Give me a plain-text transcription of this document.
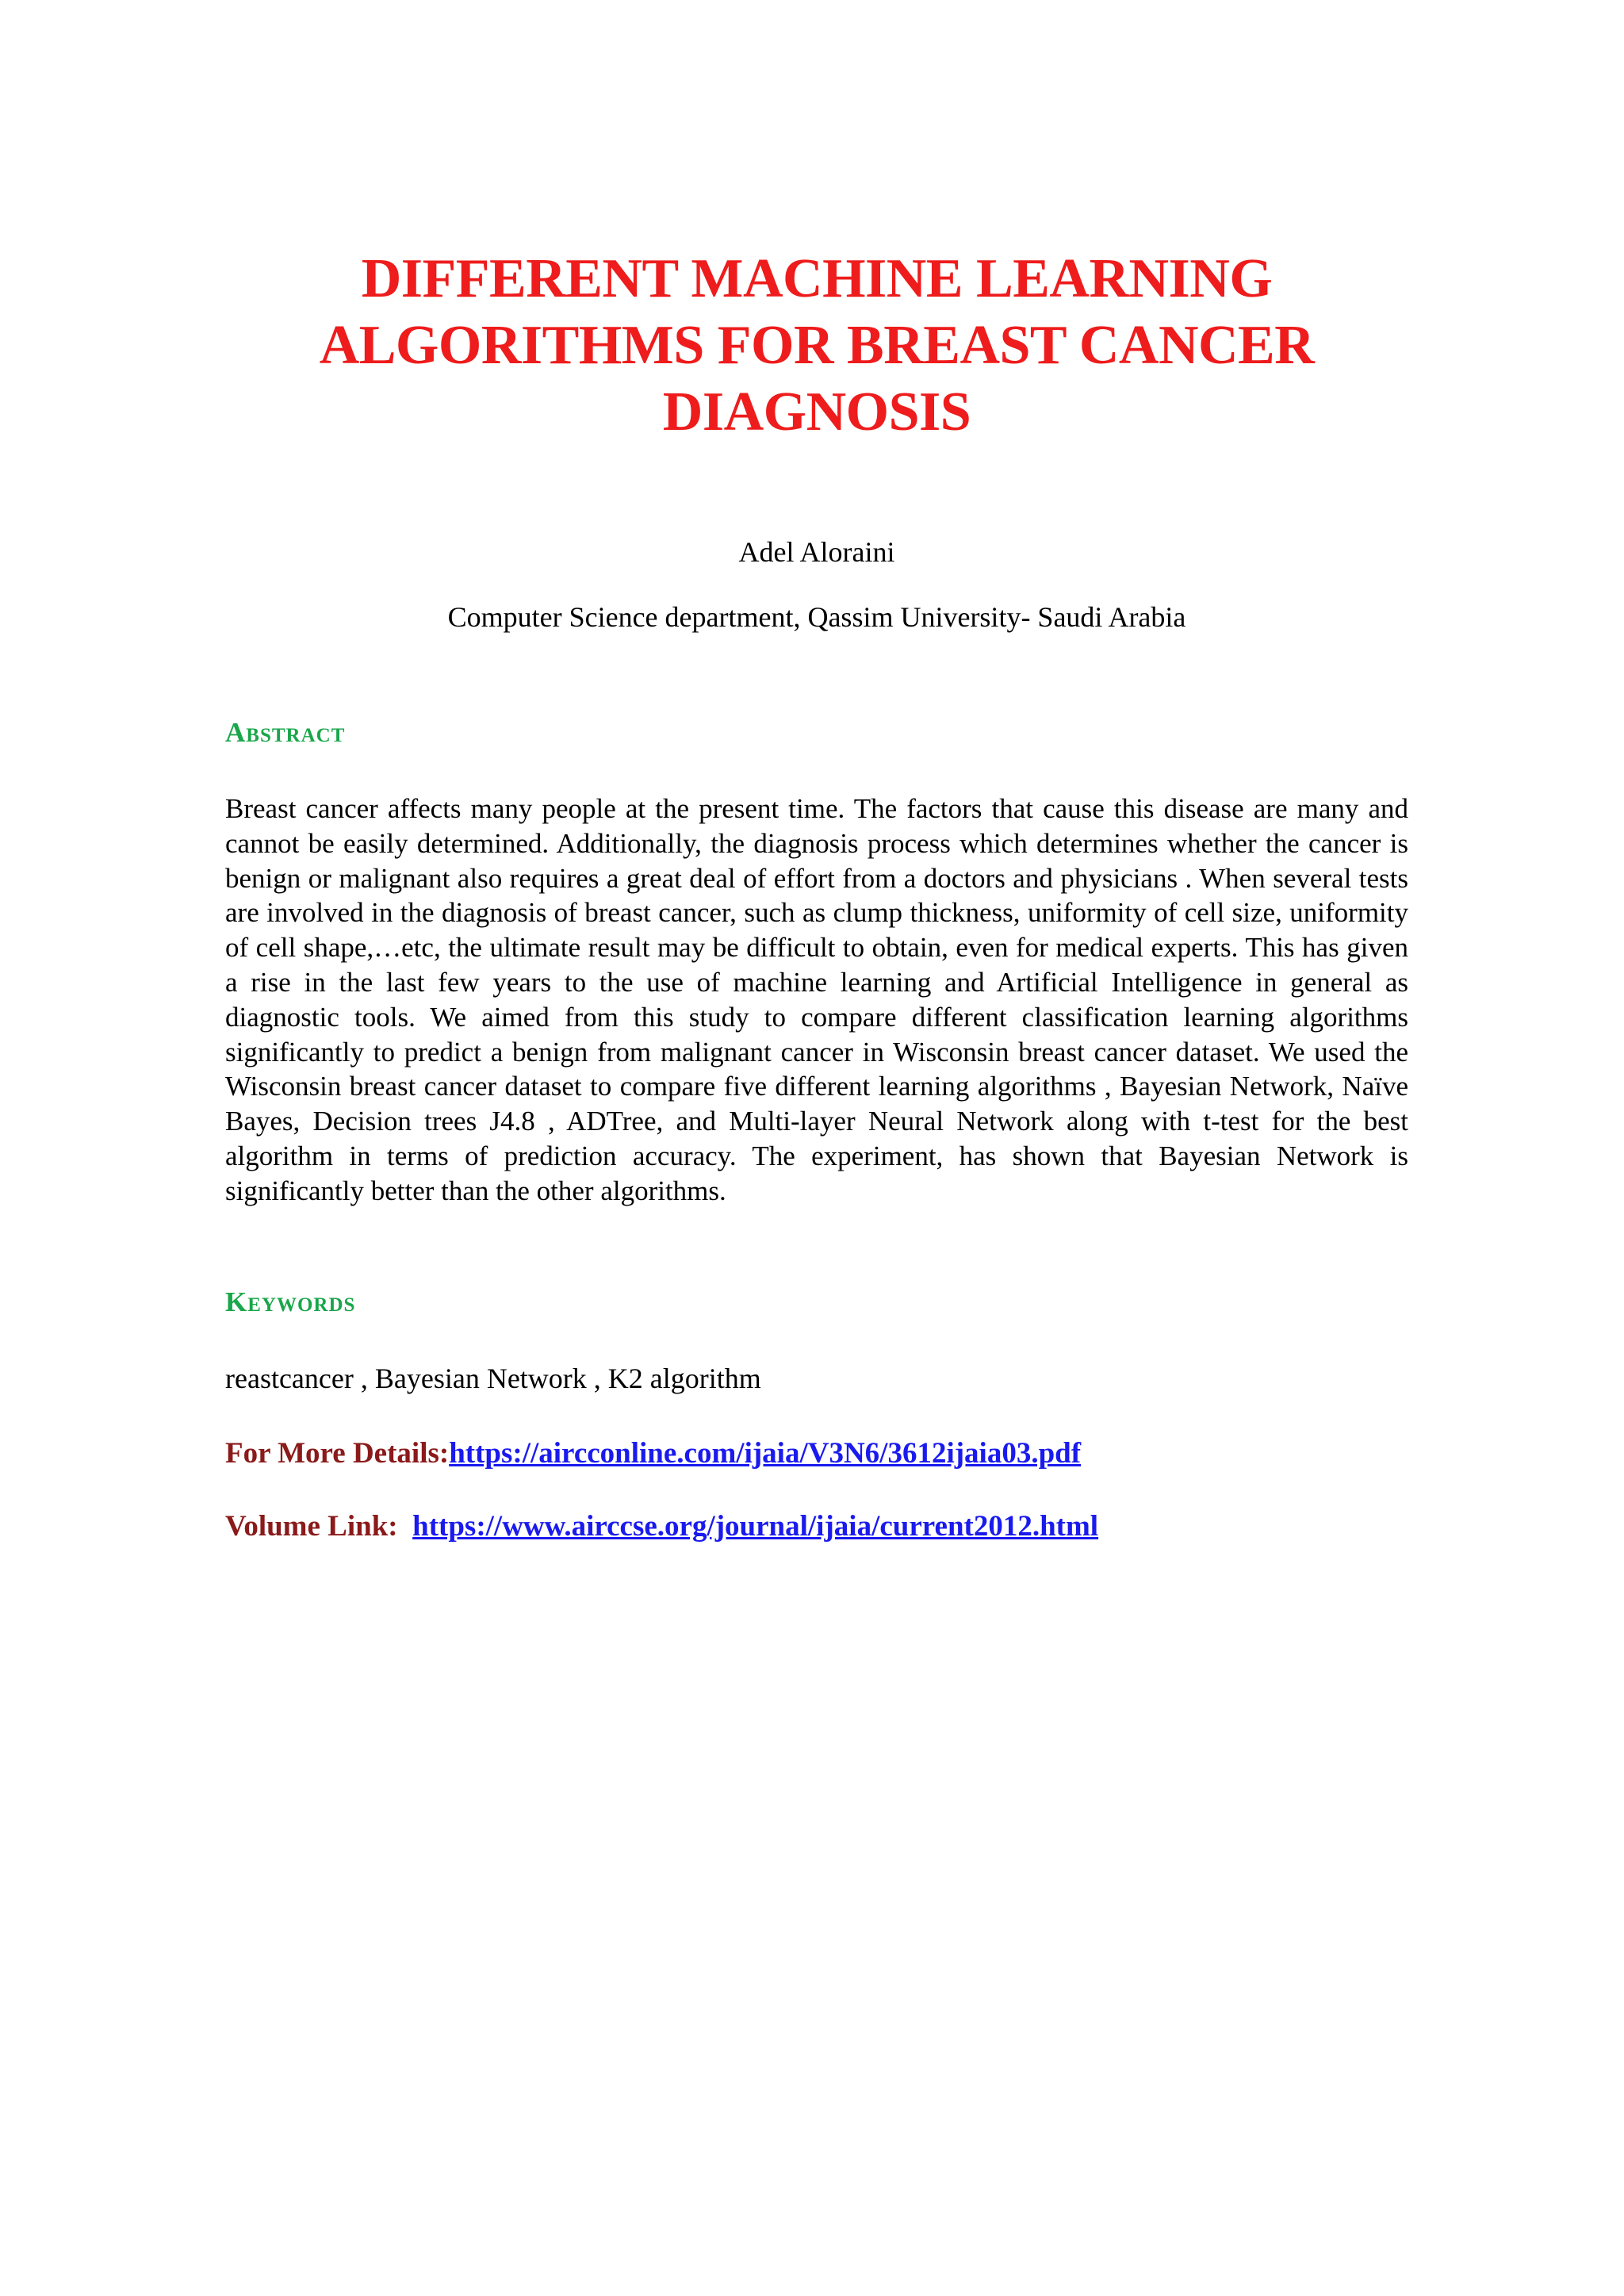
DIFFERENT MACHINE LEARNING
ALGORITHMS FOR BREAST CANCER
DIAGNOSIS

Adel Aloraini

Computer Science department, Qassim University- Saudi Arabia

Abstract

Breast cancer affects many people at the present time. The factors that cause this disease are many and cannot be easily determined. Additionally, the diagnosis process which determines whether the cancer is benign or malignant also requires a great deal of effort from a doctors and physicians . When several tests are involved in the diagnosis of breast cancer, such as clump thickness, uniformity of cell size, uniformity of cell shape,…etc, the ultimate result may be difficult to obtain, even for medical experts. This has given a rise in the last few years to the use of machine learning and Artificial Intelligence in general as diagnostic tools. We aimed from this study to compare different classification learning algorithms significantly to predict a benign from malignant cancer in Wisconsin breast cancer dataset. We used the Wisconsin breast cancer dataset to compare five different learning algorithms , Bayesian Network, Naïve Bayes, Decision trees J4.8 , ADTree, and Multi-layer Neural Network along with t-test for the best algorithm in terms of prediction accuracy. The experiment, has shown that Bayesian Network is significantly better than the other algorithms.

Keywords

reastcancer , Bayesian Network , K2 algorithm

For More Details:https://aircconline.com/ijaia/V3N6/3612ijaia03.pdf

Volume Link:  https://www.airccse.org/journal/ijaia/current2012.html
